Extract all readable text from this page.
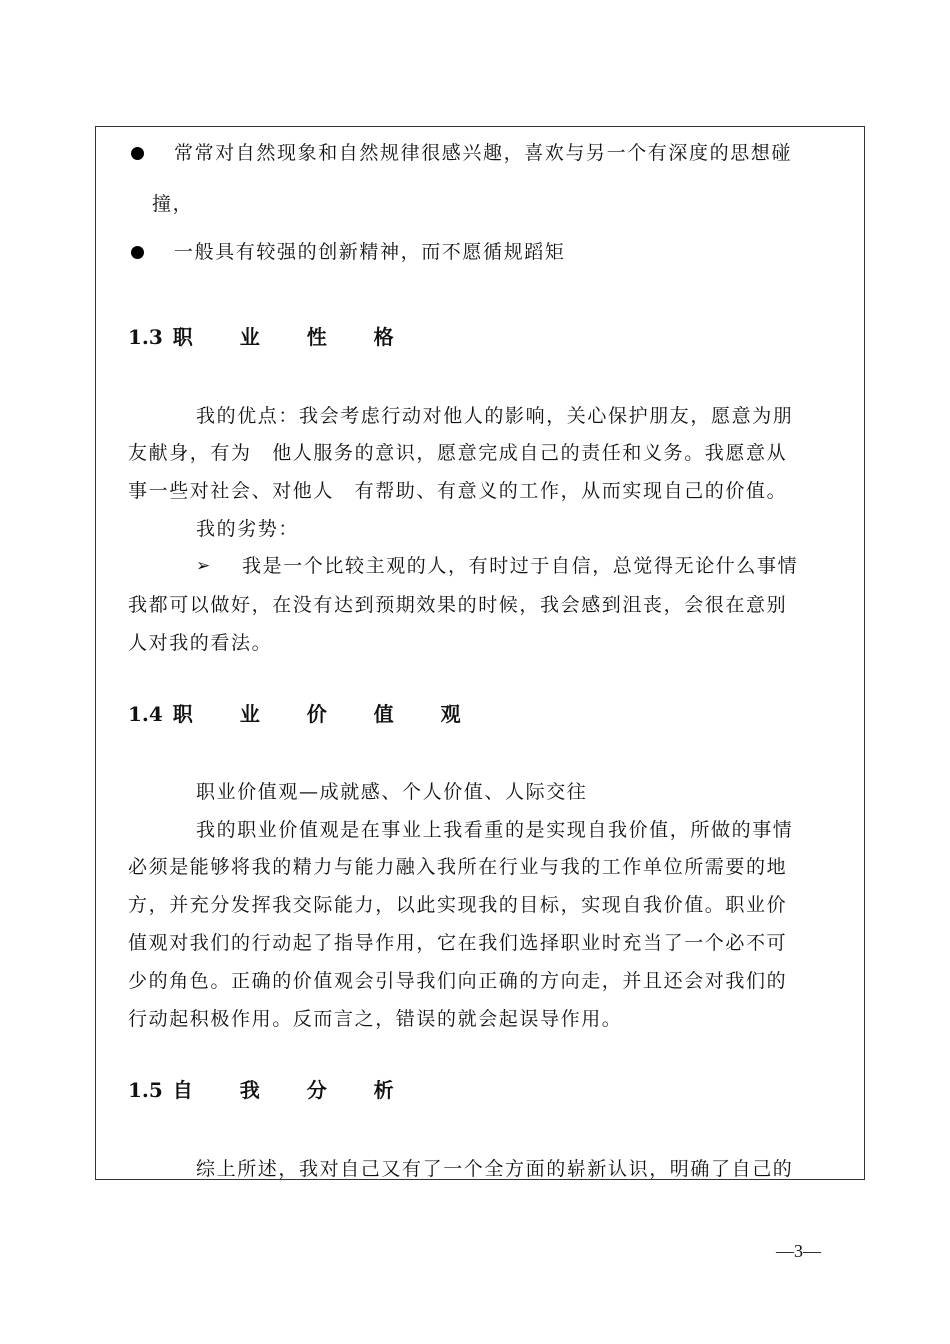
常常对自然现象和自然规律很感兴趣，喜欢与另一个有深度的思想碰
撞，
一般具有较强的创新精神，而不愿循规蹈矩
1.3 职 业 性 格
我的优点：我会考虑行动对他人的影响，关心保护朋友，愿意为朋
友献身，有为　他人服务的意识，愿意完成自己的责任和义务。我愿意从
事一些对社会、对他人　有帮助、有意义的工作，从而实现自己的价值。
我的劣势：
➢	我是一个比较主观的人，有时过于自信，总觉得无论什么事情
我都可以做好，在没有达到预期效果的时候，我会感到沮丧，会很在意别
人对我的看法。
1.4 职 业 价 值 观
职业价值观—成就感、个人价值、人际交往
我的职业价值观是在事业上我看重的是实现自我价值，所做的事情
必须是能够将我的精力与能力融入我所在行业与我的工作单位所需要的地
方，并充分发挥我交际能力，以此实现我的目标，实现自我价值。职业价
值观对我们的行动起了指导作用，它在我们选择职业时充当了一个必不可
少的角色。正确的价值观会引导我们向正确的方向走，并且还会对我们的
行动起积极作用。反而言之，错误的就会起误导作用。
1.5 自 我 分 析
综上所述，我对自己又有了一个全方面的崭新认识，明确了自己的
—3—
